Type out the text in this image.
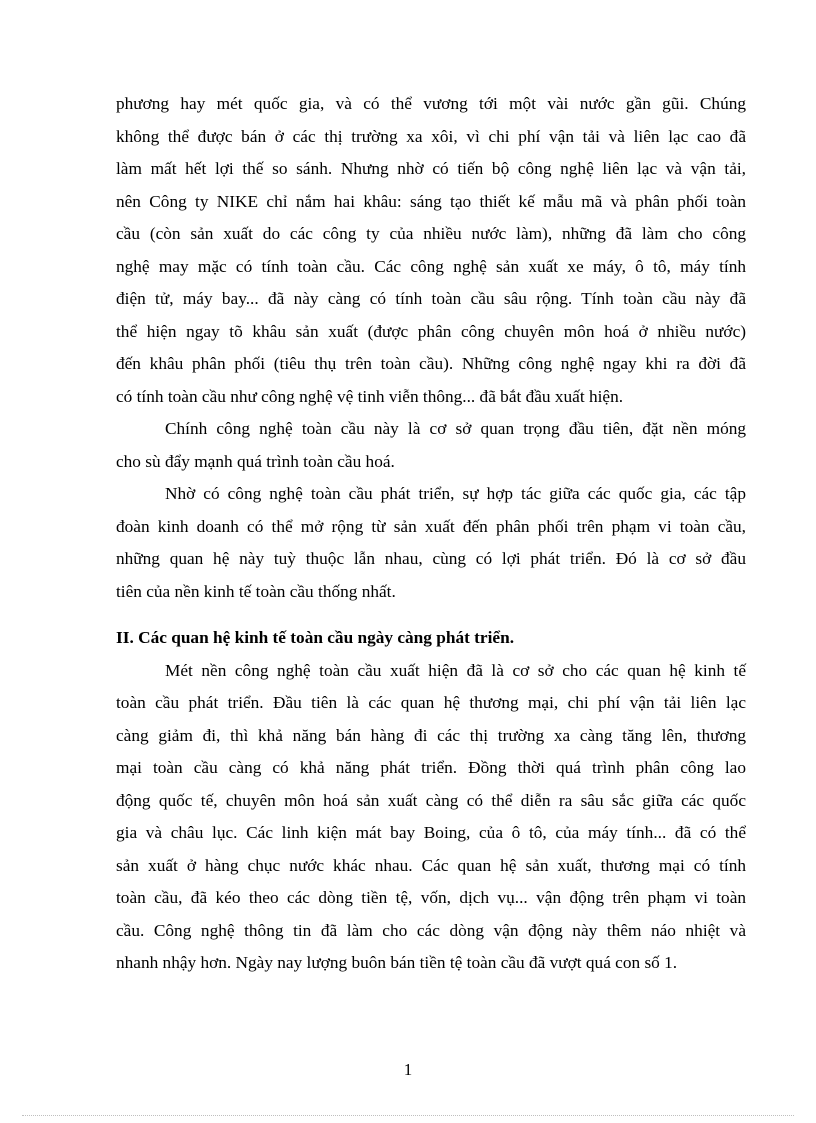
phương hay mét quốc gia, và có thể vương tới một vài nước gần gũi. Chúng
không thể được bán ở các thị trường xa xôi, vì chi phí vận tải và liên lạc cao đã
làm mất hết lợi thế so sánh. Nhưng nhờ có tiến bộ công nghệ liên lạc và vận tải,
nên Công ty NIKE chỉ nắm hai khâu: sáng tạo thiết kế mẫu mã và phân phối toàn
cầu (còn sản xuất do các công ty của nhiều nước làm), những đã làm cho công
nghệ may mặc có tính toàn cầu. Các công nghệ sản xuất xe máy, ô tô, máy tính
điện tử, máy bay... đã này càng có tính toàn cầu sâu rộng. Tính toàn cầu này đã
thể hiện ngay tõ khâu sản xuất (được phân công chuyên môn hoá ở nhiều nước)
đến khâu phân phối (tiêu thụ trên toàn cầu). Những công nghệ ngay khi ra đời đã
có tính toàn cầu như công nghệ vệ tinh viễn thông... đã bắt đầu xuất hiện.

Chính công nghệ toàn cầu này là cơ sở quan trọng đầu tiên, đặt nền móng
cho sù đẩy mạnh quá trình toàn cầu hoá.

Nhờ có công nghệ toàn cầu phát triển, sự hợp tác giữa các quốc gia, các tập
đoàn kinh doanh có thể mở rộng từ sản xuất đến phân phối trên phạm vi toàn cầu,
những quan hệ này tuỳ thuộc lẫn nhau, cùng có lợi phát triển. Đó là cơ sở đầu
tiên của nền kinh tế toàn cầu thống nhất.

II. Các quan hệ kinh tế toàn cầu ngày càng phát triển.

Mét nền công nghệ toàn cầu xuất hiện đã là cơ sở cho các quan hệ kinh tế
toàn cầu phát triển. Đầu tiên là các quan hệ thương mại, chi phí vận tải liên lạc
càng giảm đi, thì khả năng bán hàng đi các thị trường xa càng tăng lên, thương
mại toàn cầu càng có khả năng phát triển. Đồng thời quá trình phân công lao
động quốc tế, chuyên môn hoá sản xuất càng có thể diễn ra sâu sắc giữa các quốc
gia và châu lục. Các linh kiện mát bay Boing, của ô tô, của máy tính... đã có thể
sản xuất ở hàng chục nước khác nhau. Các quan hệ sản xuất, thương mại có tính
toàn cầu, đã kéo theo các dòng tiền tệ, vốn, dịch vụ... vận động trên phạm vi toàn
cầu. Công nghệ thông tin đã làm cho các dòng vận động này thêm náo nhiệt và
nhanh nhậy hơn. Ngày nay lượng buôn bán tiền tệ toàn cầu đã vượt quá con số 1.

1
